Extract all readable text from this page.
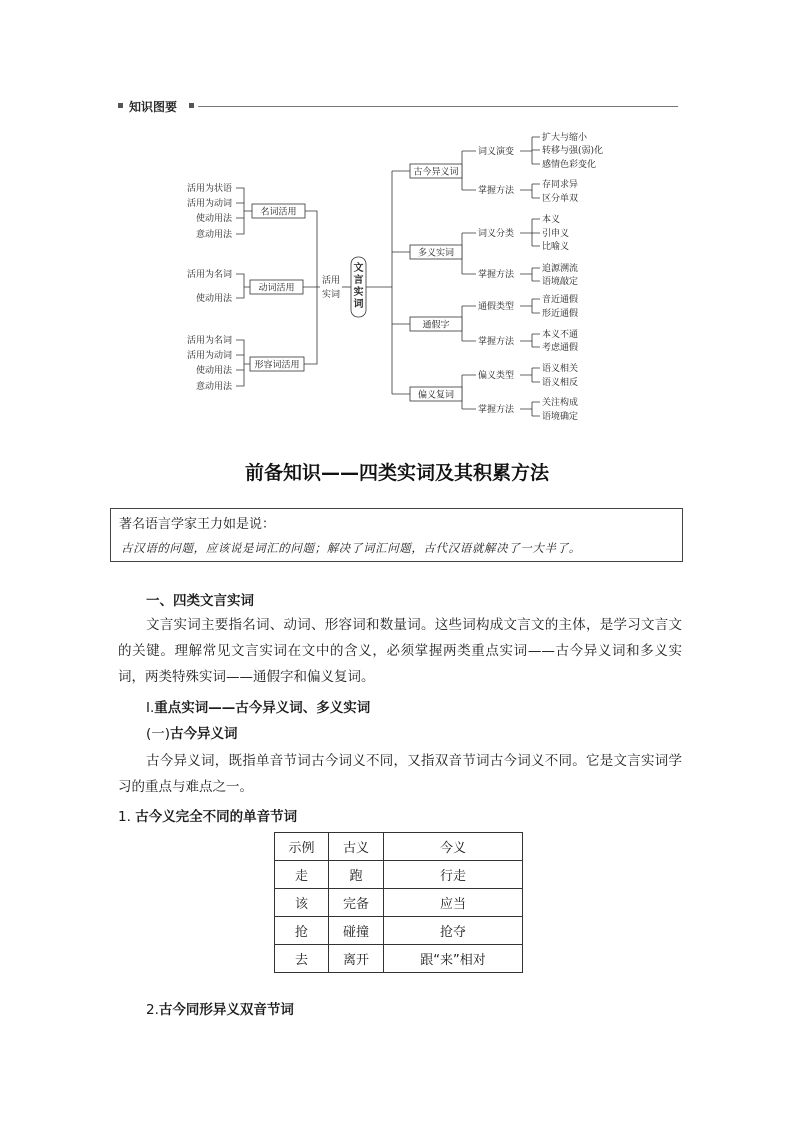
知识图要
活用为状语
活用为动词
使动用法
意动用法
活用为名词
使动用法
活用为名词
活用为动词
使动用法
意动用法
名词活用
动词活用
形容词活用
活用
实词
文言实词
古今异义词
多义实词
通假字
偏义复词
词义演变
掌握方法
词义分类
掌握方法
通假类型
掌握方法
偏义类型
掌握方法
扩大与缩小
转移与强(弱)化
感情色彩变化
存同求异
区分单双
本义
引申义
比喻义
追源溯流
语境敲定
音近通假
形近通假
本义不通
考虑通假
语义相关
语义相反
关注构成
语境确定
前备知识——四类实词及其积累方法
著名语言学家王力如是说：
古汉语的问题，应该说是词汇的问题；解决了词汇问题，古代汉语就解决了一大半了。
一、四类文言实词
文言实词主要指名词、动词、形容词和数量词。这些词构成文言文的主体，是学习文言文的关键。理解常见文言实词在文中的含义，必须掌握两类重点实词——古今异义词和多义实词，两类特殊实词——通假字和偏义复词。
Ⅰ.重点实词——古今异义词、多义实词
(一)古今异义词
古今异义词，既指单音节词古今词义不同，又指双音节词古今词义不同。它是文言实词学习的重点与难点之一。
1. 古今义完全不同的单音节词
示例	古义	今义
走	跑	行走
该	完备	应当
抢	碰撞	抢夺
去	离开	跟“来”相对
2.古今同形异义双音节词
